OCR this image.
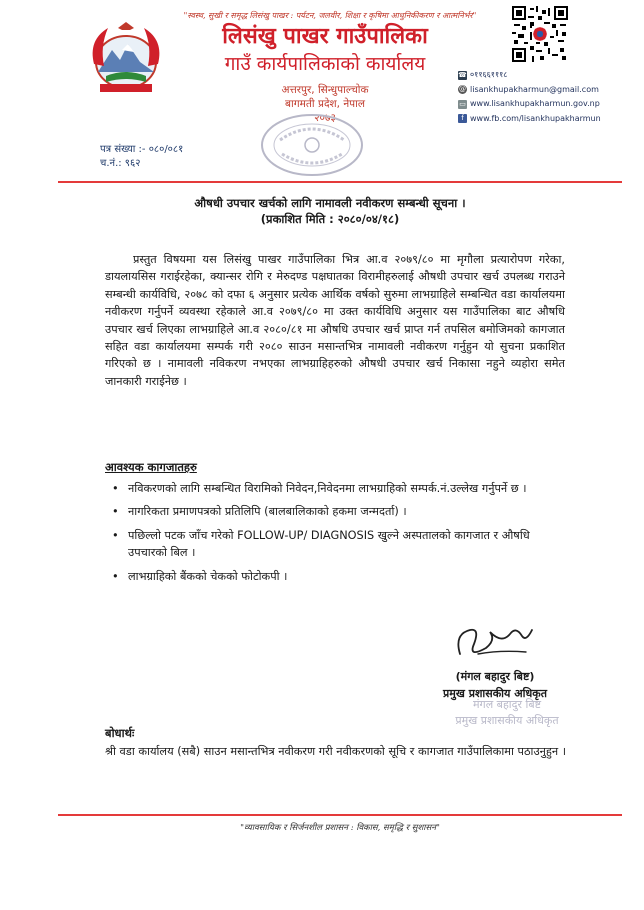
"स्वस्थ, सुखी र समृद्ध लिसंखु पाखर : पर्यटन, जलवीर, शिक्षा र कृषिमा आधुनिकीकरण र आत्मनिर्भर"
लिसंखु पाखर गाउँपालिका
गाउँ कार्यपालिकाको कार्यालय
अत्तरपुर, सिन्धुपाल्चोक
बागमती प्रदेश, नेपाल
२०७३
☎ ०११६६१११८
@ lisankhupakharmun@gmail.com
▭ www.lisankhupakharmun.gov.np
f www.fb.com/lisankhupakharmun
पत्र संख्या :- ०८०/०८१
च.नं.: ९६२
औषधी उपचार खर्चको लागि नामावली नवीकरण सम्बन्धी सूचना ।
(प्रकाशित मिति : २०८०/०४/१८)
प्रस्तुत विषयमा यस लिसंखु पाखर गाउँपालिका भित्र आ.व २०७९/८० मा मृगौला प्रत्यारोपण गरेका, डायलायसिस गराईरहेका, क्यान्सर रोगि र मेरुदण्ड पक्षघातका विरामीहरुलाई औषधी उपचार खर्च उपलब्ध गराउने सम्बन्धी कार्यविधि, २०७८ को दफा ६ अनुसार प्रत्येक आर्थिक वर्षको सुरुमा लाभग्राहिले सम्बन्धित वडा कार्यालयमा नवीकरण गर्नुपर्ने व्यवस्था रहेकाले आ.व २०७९/८० मा उक्त कार्यविधि अनुसार यस गाउँपालिका बाट औषधि उपचार खर्च लिएका लाभग्राहिले आ.व २०८०/८१ मा औषधि उपचार खर्च प्राप्त गर्न तपसिल बमोजिमको कागजात सहित वडा कार्यालयमा सम्पर्क गरी २०८० साउन मसान्तभित्र नामावली नवीकरण गर्नुहुन यो सुचना प्रकाशित गरिएको छ । नामावली नविकरण नभएका लाभग्राहिहरुको औषधी उपचार खर्च निकासा नहुने व्यहोरा समेत जानकारी गराईनेछ ।
आवश्यक कागजातहरु
• नविकरणको लागि सम्बन्धित विरामिको निवेदन,निवेदनमा लाभग्राहिको सम्पर्क.नं.उल्लेख गर्नुपर्ने छ ।
• नागरिकता प्रमाणपत्रको प्रतिलिपि (बालबालिकाको हकमा जन्मदर्ता) ।
• पछिल्लो पटक जाँच गरेको FOLLOW-UP/ DIAGNOSIS खुल्ने अस्पतालको कागजात र औषधि उपचारको बिल ।
• लाभग्राहिको बैंकको चेकको फोटोकपी ।
(मंगल बहादुर बिष्ट)
प्रमुख प्रशासकीय अधिकृत
मंगल बहादुर बिष्ट
प्रमुख प्रशासकीय अधिकृत
बोधार्थः
श्री वडा कार्यालय (सबै) साउन मसान्तभित्र नवीकरण गरी नवीकरणको सूचि र कागजात गाउँपालिकामा पठाउनुहुन ।
"व्यावसायिक र सिर्जनशील प्रशासन : विकास, समृद्धि र सुशासन"
